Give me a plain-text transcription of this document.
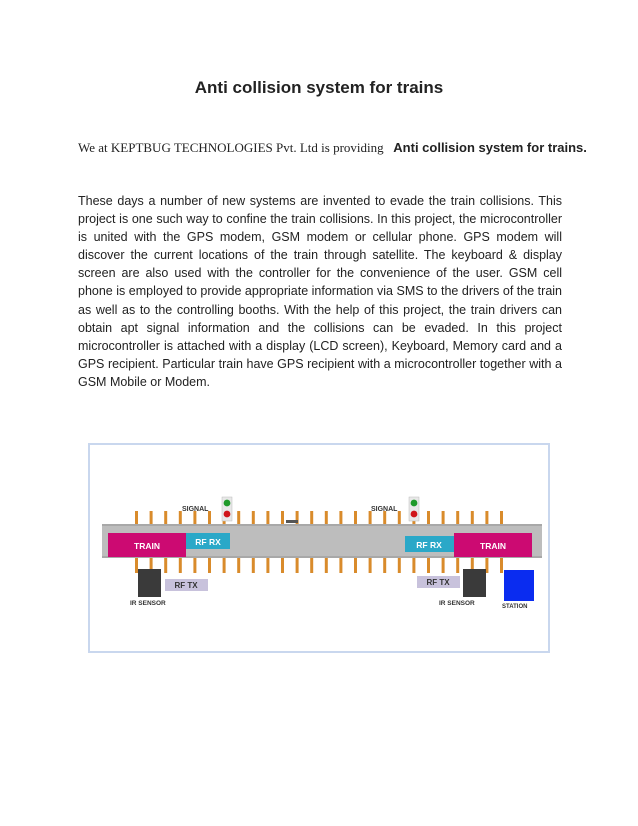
Anti collision system for trains
We at KEPTBUG TECHNOLOGIES Pvt. Ltd is providing Anti collision system for trains.
These days a number of new systems are invented to evade the train collisions. This project is one such way to confine the train collisions. In this project, the microcontroller is united with the GPS modem, GSM modem or cellular phone. GPS modem will discover the current locations of the train through satellite. The keyboard & display screen are also used with the controller for the convenience of the user. GSM cell phone is employed to provide appropriate information via SMS to the drivers of the train as well as to the controlling booths. With the help of this project, the train drivers can obtain apt signal information and the collisions can be evaded. In this project microcontroller is attached with a display (LCD screen), Keyboard, Memory card and a GPS recipient. Particular train have GPS recipient with a microcontroller together with a GSM Mobile or Modem.
SIGNAL	SIGNAL
TRAIN	RF RX	RF RX	TRAIN
IR SENSOR
RF TX	RF TX
IR SENSOR	STATION
